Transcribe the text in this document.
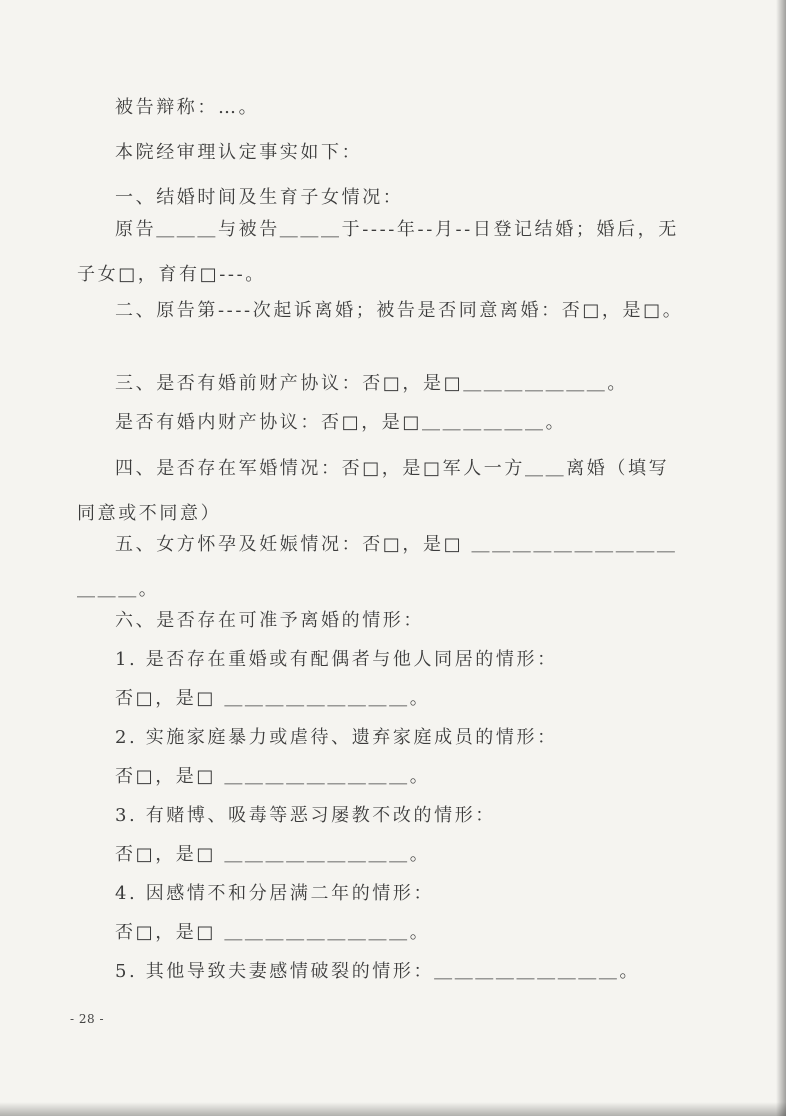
被告辩称：…。
本院经审理认定事实如下：
一、结婚时间及生育子女情况：
原告＿＿＿与被告＿＿＿于----年--月--日登记结婚；婚后，无子女□，育有□---。
二、原告第----次起诉离婚；被告是否同意离婚：否□，是□。
三、是否有婚前财产协议：否□，是□＿＿＿＿＿＿＿。
是否有婚内财产协议：否□，是□＿＿＿＿＿＿。
四、是否存在军婚情况：否□，是□军人一方＿＿离婚（填写同意或不同意）
五、女方怀孕及妊娠情况：否□，是□ ＿＿＿＿＿＿＿＿＿＿＿＿＿。
六、是否存在可准予离婚的情形：
1. 是否存在重婚或有配偶者与他人同居的情形：
否□，是□ ＿＿＿＿＿＿＿＿＿。
2. 实施家庭暴力或虐待、遗弃家庭成员的情形：
否□，是□ ＿＿＿＿＿＿＿＿＿。
3. 有赌博、吸毒等恶习屡教不改的情形：
否□，是□ ＿＿＿＿＿＿＿＿＿。
4. 因感情不和分居满二年的情形：
否□，是□ ＿＿＿＿＿＿＿＿＿。
5. 其他导致夫妻感情破裂的情形：＿＿＿＿＿＿＿＿＿。
- 28 -
